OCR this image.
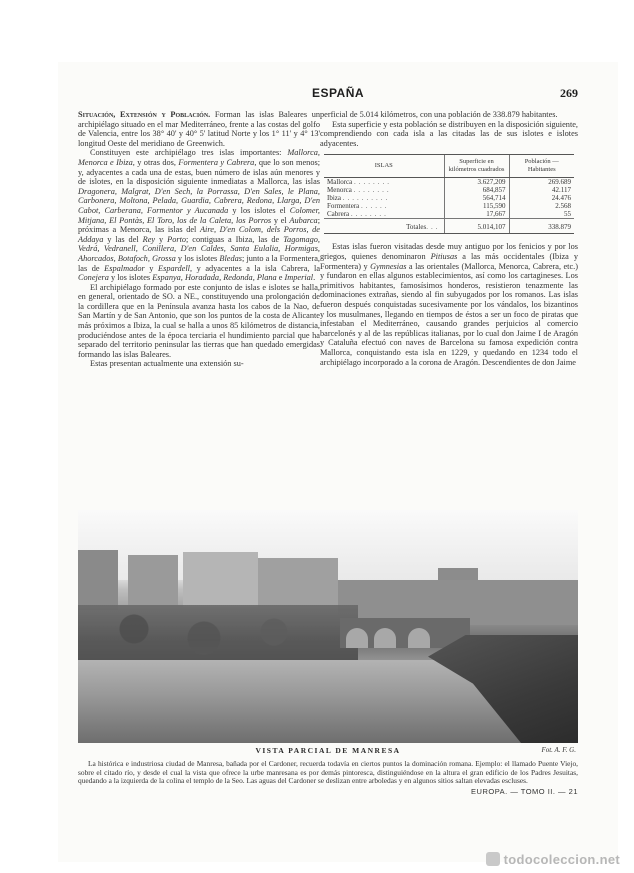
ESPAÑA	269

Situación, Extensión y Población. Forman las islas Baleares un archipiélago situado en el mar Mediterráneo, frente a las costas del golfo de Valencia, entre los 38° 40' y 40° 5' latitud Norte y los 1° 11' y 4° 13' longitud Oeste del meridiano de Greenwich.

Constituyen este archipiélago tres islas importantes: Mallorca, Menorca e Ibiza, y otras dos, Formentera y Cabrera, que lo son menos; y, adyacentes a cada una de estas, buen número de islas aún menores y de islotes, en la disposición siguiente inmediatas a Mallorca, las islas Dragonera, Malgrat, D'en Sech, la Porrassa, D'en Sales, le Plana, Carbonera, Moltona, Pelada, Guardia, Cabrera, Redona, Llarga, D'en Cabot, Carberana, Formentor y Aucanada y los islotes el Colomer, Mitjana, El Pontàs, El Toro, los de la Caleta, los Porros y el Aubarca; próximas a Menorca, las islas del Aire, D'en Colom, dels Porros, de Addaya y las del Rey y Porto; contiguas a Ibiza, las de Tagomago, Vedrá, Vedranell, Conillera, D'en Caldes, Santa Eulalia, Hormigas, Ahorcados, Botafoch, Grossa y los islotes Bledas; junto a la Formentera, las de Espalmador y Espardell, y adyacentes a la isla Cabrera, la Conejera y los islotes Espanya, Horadada, Redonda, Plana e Imperial.

El archipiélago formado por este conjunto de islas e islotes se halla, en general, orientado de SO. a NE., constituyendo una prolongación de la cordillera que en la Península avanza hasta los cabos de la Nao, de San Martín y de San Antonio, que son los puntos de la costa de Alicante más próximos a Ibiza, la cual se halla a unos 85 kilómetros de distancia, produciéndose antes de la época terciaria el hundimiento parcial que ha separado del territorio peninsular las tierras que han quedado emergidas formando las islas Baleares.

Estas presentan actualmente una extensión su-

perficial de 5.014 kilómetros, con una población de 338.879 habitantes.

Esta superficie y esta población se distribuyen en la disposición siguiente, comprendiendo con cada isla a las citadas las de sus islotes e islotes adyacentes.

ISLAS	Superficie en kilómetros cuadrados	Población — Habitantes
Mallorca ........	3.627,209	269.689
Menorca ........	684,857	42.117
Ibiza ..........	564,714	24.476
Formentera ......	115,590	2.568
Cabrera ........	17,667	55
Totales...	5.014,107	338.879

Estas islas fueron visitadas desde muy antiguo por los fenicios y por los griegos, quienes denominaron Pitiusas a las más occidentales (Ibiza y Formentera) y Gymnesias a las orientales (Mallorca, Menorca, Cabrera, etc.) y fundaron en ellas algunos establecimientos, así como los cartagineses. Los primitivos habitantes, famosísimos honderos, resistieron tenazmente las dominaciones extrañas, siendo al fin subyugados por los romanos. Las islas fueron después conquistadas sucesivamente por los vándalos, los bizantinos y los musulmanes, llegando en tiempos de éstos a ser un foco de piratas que infestaban el Mediterráneo, causando grandes perjuicios al comercio barcelonés y al de las repúblicas italianas, por lo cual don Jaime I de Aragón y Cataluña efectuó con naves de Barcelona su famosa expedición contra Mallorca, conquistando esta isla en 1229, y quedando en 1234 todo el archipiélago incorporado a la corona de Aragón. Descendientes de don Jaime

VISTA PARCIAL DE MANRESA	Fot. A. F. G.
La histórica e industriosa ciudad de Manresa, bañada por el Cardoner, recuerda todavía en ciertos puntos la dominación romana. Ejemplo: el llamado Puente Viejo, sobre el citado río, y desde el cual la vista que ofrece la urbe manresana es por demás pintoresca, distinguiéndose en la altura el gran edificio de los Padres Jesuitas, quedando a la izquierda de la colina el templo de la Seo. Las aguas del Cardoner se deslizan entre arboledas y en algunos sitios saltan elevadas escluses.
EUROPA. — TOMO II. — 21
todocoleccion.net
